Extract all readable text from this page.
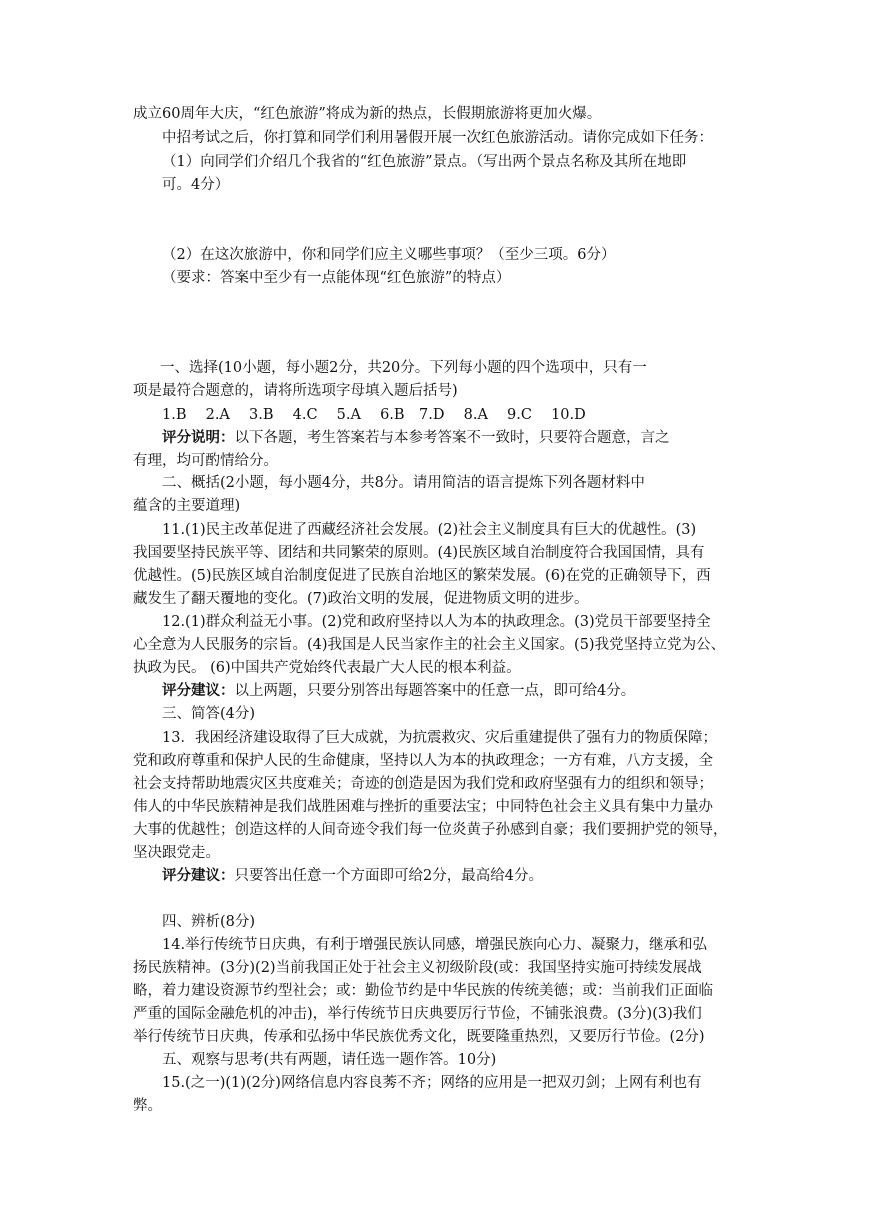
成立60周年大庆，“红色旅游”将成为新的热点，长假期旅游将更加火爆。
中招考试之后，你打算和同学们利用暑假开展一次红色旅游活动。请你完成如下任务：
（1）向同学们介绍几个我省的“红色旅游”景点。（写出两个景点名称及其所在地即
可。4分）
（2）在这次旅游中，你和同学们应主义哪些事项？（至少三项。6分）
（要求：答案中至少有一点能体现“红色旅游”的特点）
一、选择(10小题，每小题2分，共20分。下列每小题的四个选项中，只有一
项是最符合题意的，请将所选项字母填入题后括号)
1.B　 2.A　 3.B　 4.C　 5.A　 6.B　7.D　 8.A　 9.C　 10.D
评分说明：以下各题，考生答案若与本参考答案不一致时，只要符合题意，言之
有理，均可酌情给分。
二、概括(2小题，每小题4分，共8分。请用简洁的语言提炼下列各题材料中
蕴含的主要道理)
11.(1)民主改革促进了西藏经济社会发展。(2)社会主义制度具有巨大的优越性。(3)
我国要坚持民族平等、团结和共同繁荣的原则。(4)民族区域自治制度符合我国国情，具有
优越性。(5)民族区域自治制度促进了民族自治地区的繁荣发展。(6)在党的正确领导下，西
藏发生了翻天覆地的变化。(7)政治文明的发展，促进物质文明的进步。
12.(1)群众利益无小事。(2)党和政府坚持以人为本的执政理念。(3)党员干部要坚持全
心全意为人民服务的宗旨。(4)我国是人民当家作主的社会主义国家。(5)我党坚持立党为公、
执政为民。 (6)中国共产党始终代表最广大人民的根本利益。
评分建议：以上两题，只要分别答出每题答案中的任意一点，即可给4分。
三、简答(4分)
13．我困经济建设取得了巨大成就，为抗震救灾、灾后重建提供了强有力的物质保障；
党和政府尊重和保护人民的生命健康，坚持以人为本的执政理念；一方有难，八方支援，全
社会支持帮助地震灾区共度难关；奇迹的创造是因为我们党和政府坚强有力的组织和领导；
伟人的中华民族精神是我们战胜困难与挫折的重要法宝；中同特色社会主义具有集中力量办
大事的优越性；创造这样的人间奇迹令我们每一位炎黄子孙感到自豪；我们要拥护党的领导，
坚决跟党走。
评分建议：只要答出任意一个方面即可给2分，最高给4分。
四、辨析(8分)
14.举行传统节日庆典，有利于增强民族认同感，增强民族向心力、凝聚力，继承和弘
扬民族精神。(3分)(2)当前我国正处于社会主义初级阶段(或：我国坚持实施可持续发展战
略，着力建设资源节约型社会；或：勤俭节约是中华民族的传统美德；或：当前我们正面临
严重的国际金融危机的冲击)，举行传统节日庆典要厉行节俭，不铺张浪费。(3分)(3)我们
举行传统节日庆典，传承和弘扬中华民族优秀文化，既要隆重热烈，又要厉行节俭。(2分)
五、观察与思考(共有两题，请任选一题作答。10分)
15.(之一)(1)(2分)网络信息内容良莠不齐；网络的应用是一把双刃剑；上网有利也有
弊。
